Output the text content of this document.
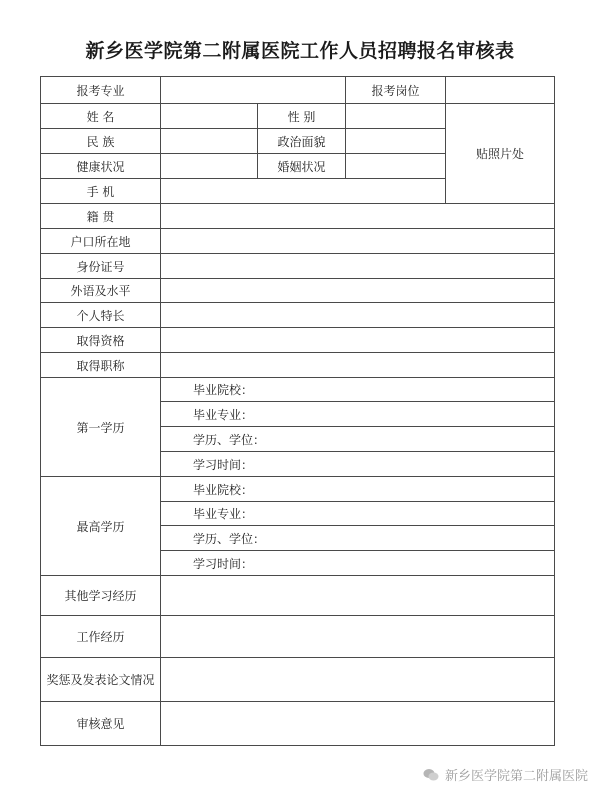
新乡医学院第二附属医院工作人员招聘报名审核表
报考专业			报考岗位	
姓 名		性 别		贴照片处
民 族		政治面貌		
健康状况		婚姻状况		
手 机				
籍 贯				
户口所在地				
身份证号				
外语及水平				
个人特长				
取得资格				
取得职称				
第一学历	毕业院校：			
	毕业专业：			
	学历、学位：			
	学习时间：			
最高学历	毕业院校：			
	毕业专业：			
	学历、学位：			
	学习时间：			
其他学习经历				
工作经历				
奖惩及发表论文情况				
审核意见				
新乡医学院第二附属医院
